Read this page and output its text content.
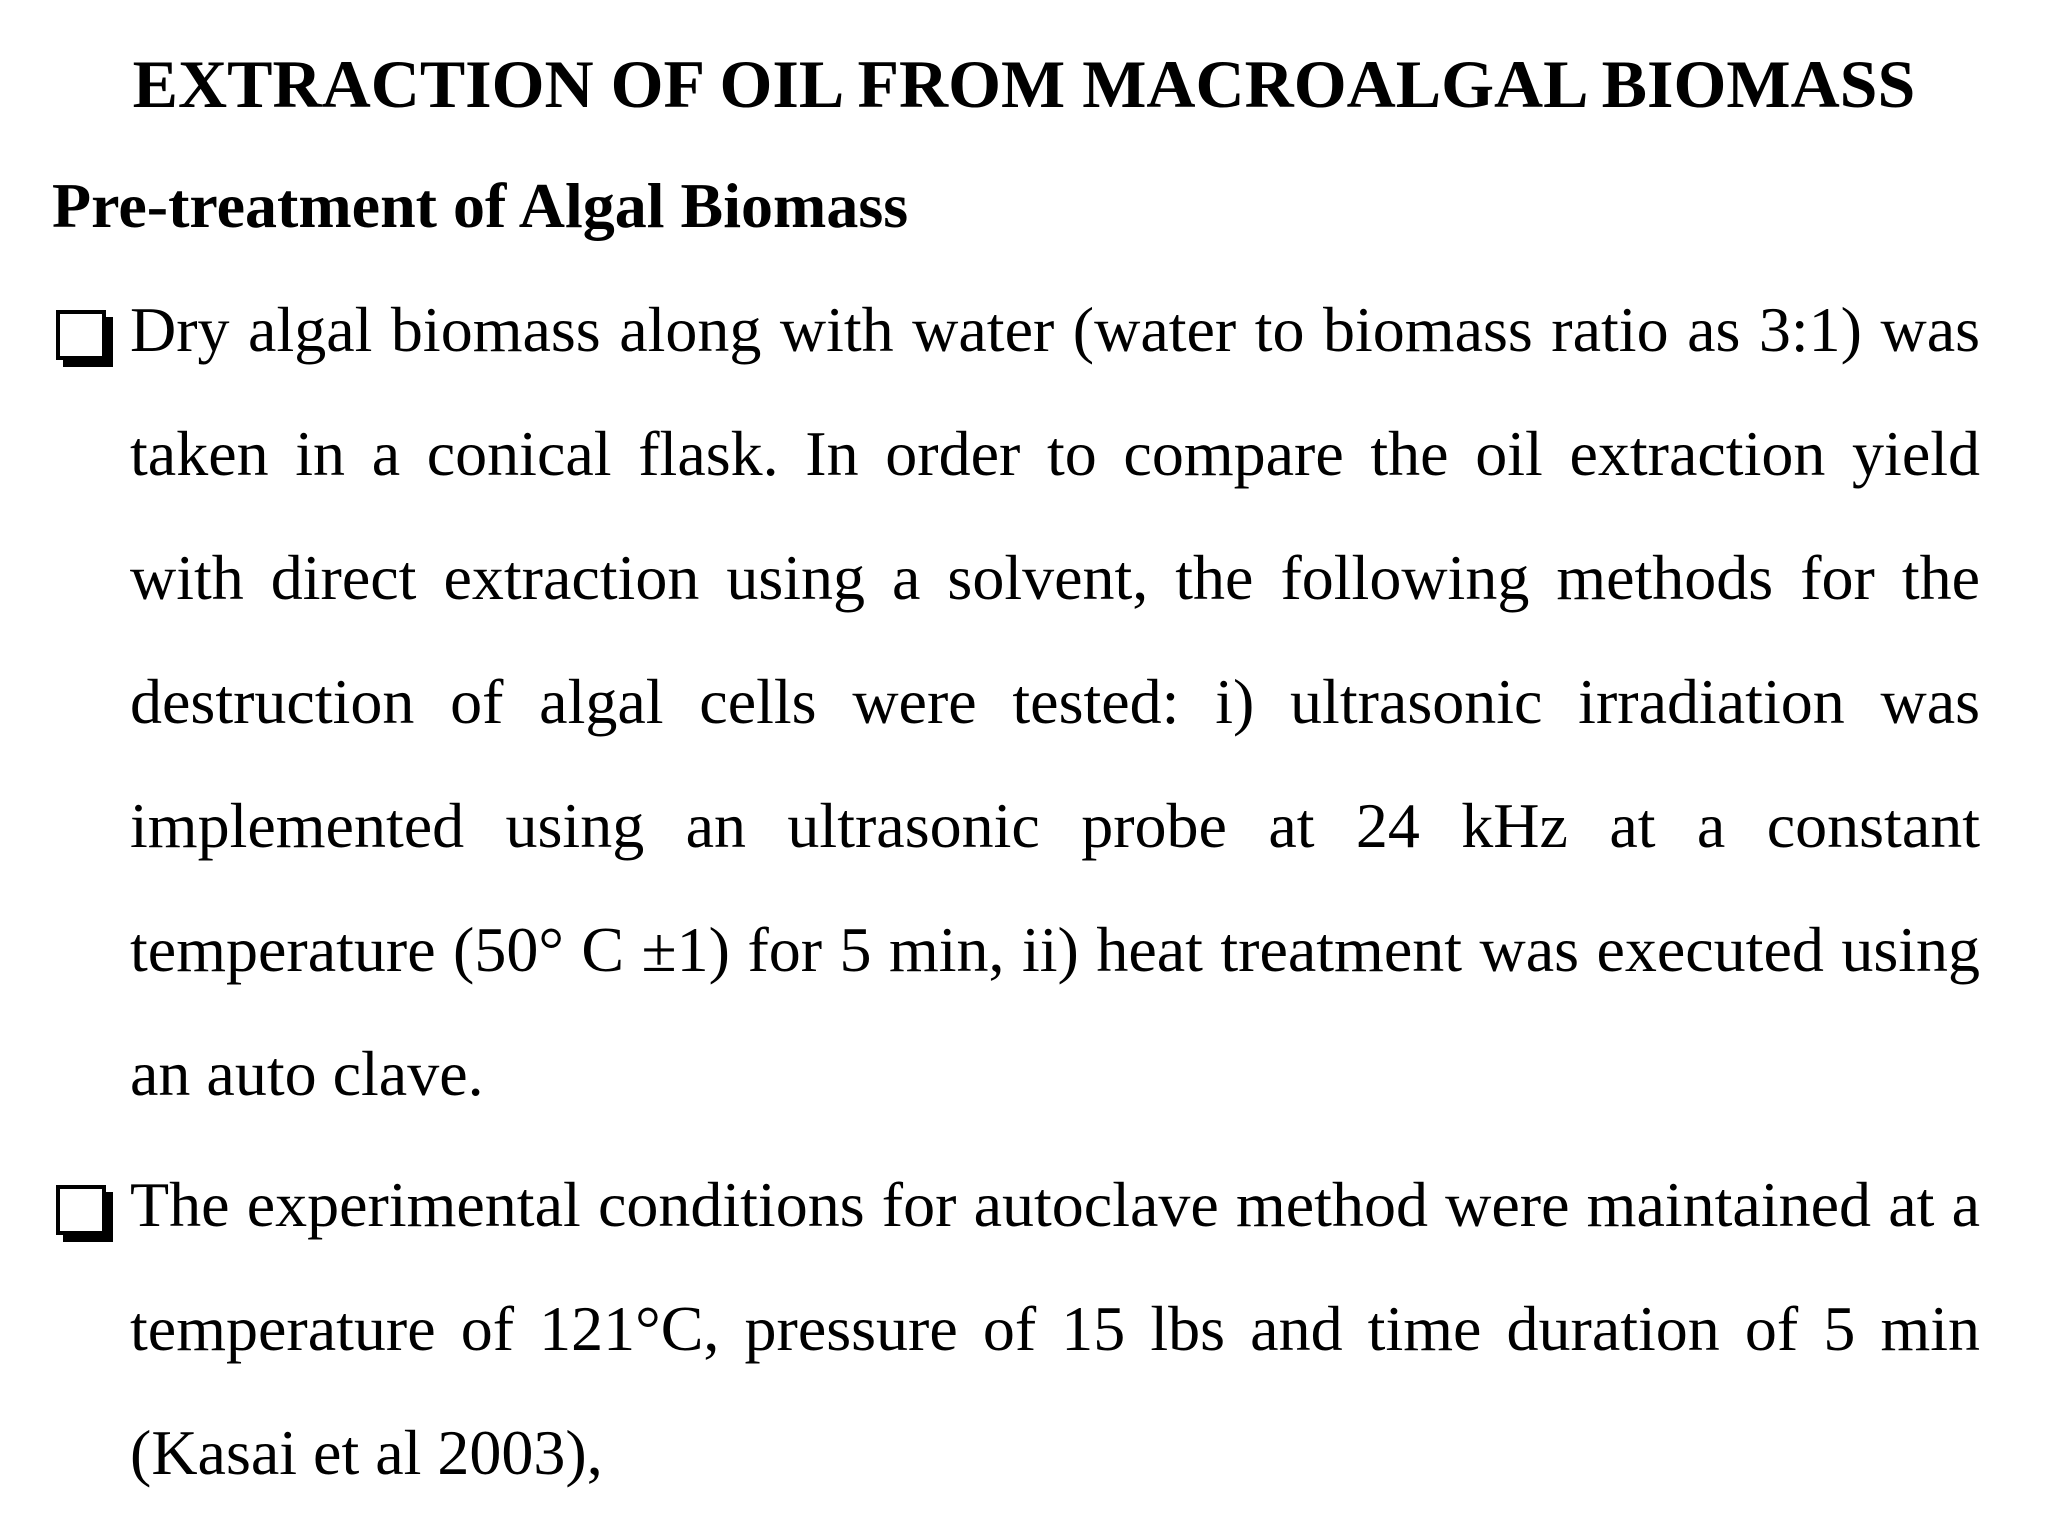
EXTRACTION OF OIL FROM MACROALGAL BIOMASS
Pre-treatment of Algal Biomass

Dry algal biomass along with water (water to biomass ratio as 3:1) was taken in a conical flask. In order to compare the oil extraction yield with direct extraction using a solvent, the following methods for the destruction of algal cells were tested: i) ultrasonic irradiation was implemented using an ultrasonic probe at 24 kHz at a constant temperature (50° C ±1) for 5 min, ii) heat treatment was executed using an auto clave.

The experimental conditions for autoclave method were maintained at a temperature of 121°C, pressure of 15 lbs and time duration of 5 min (Kasai et al 2003),
